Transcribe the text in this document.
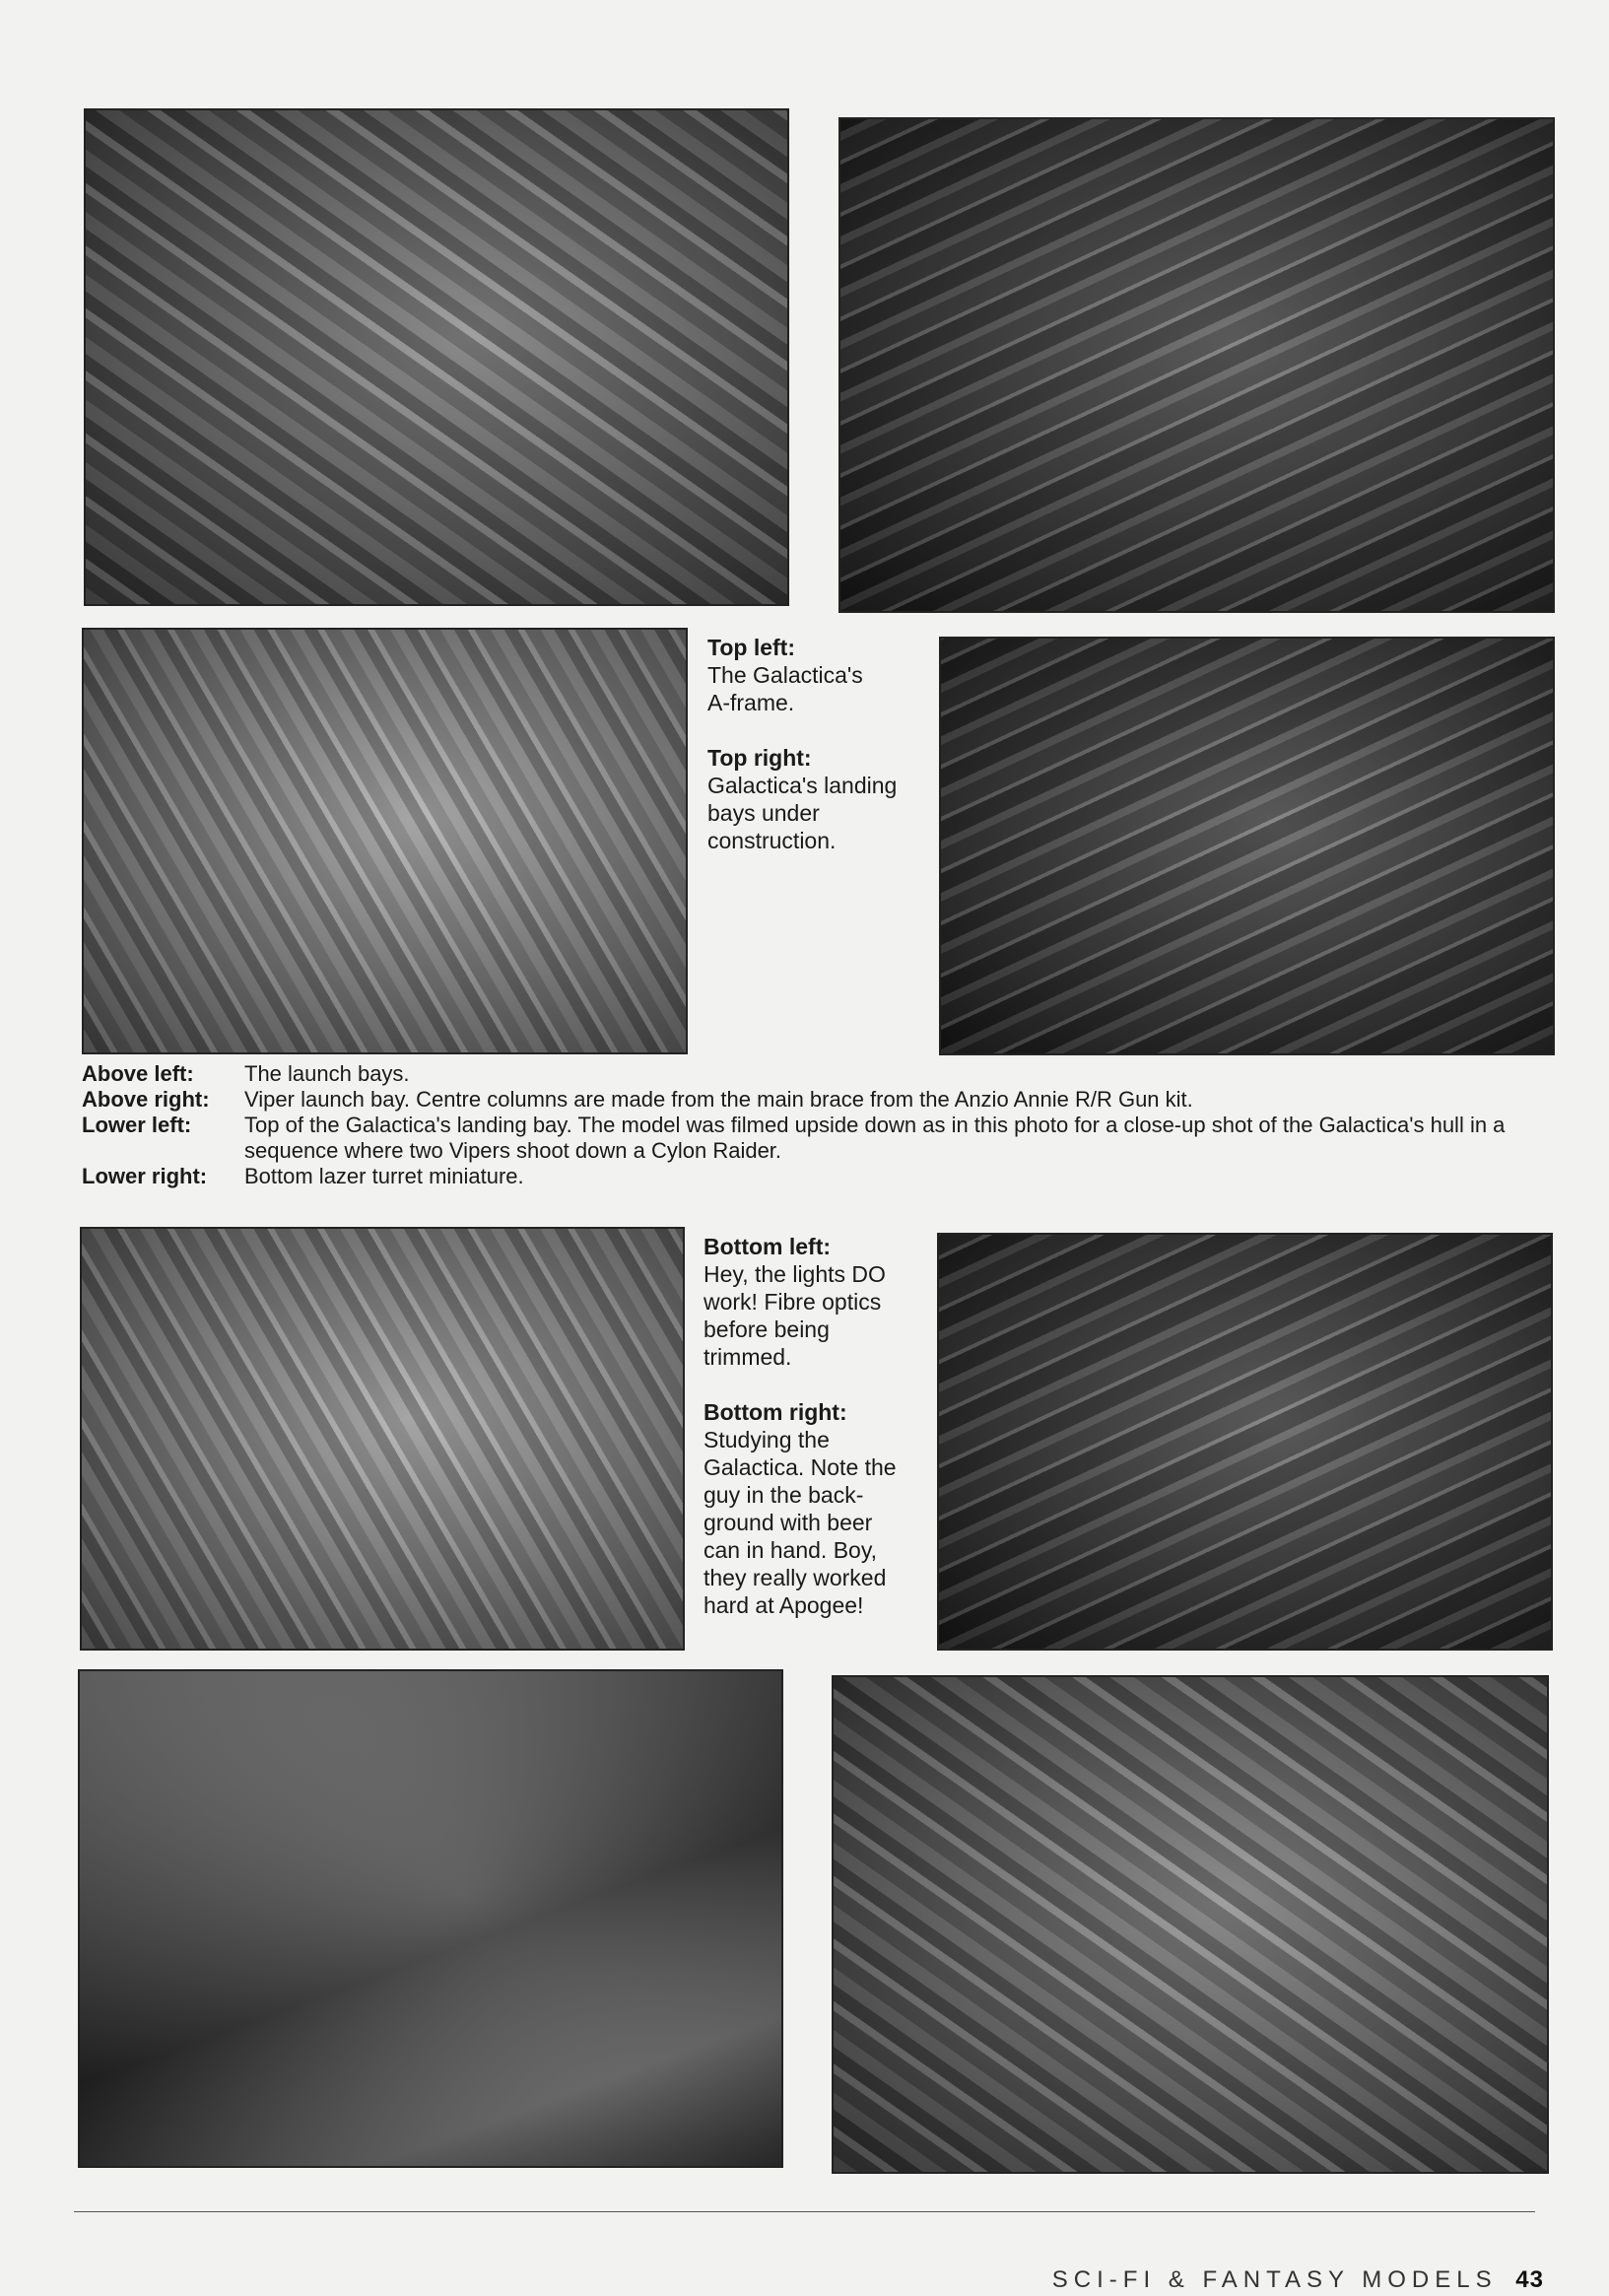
Top left:
The Galactica's
A-frame.
Top right:
Galactica's landing
bays under
construction.
Above left:	The launch bays.
Above right:	Viper launch bay. Centre columns are made from the main brace from the Anzio Annie R/R Gun kit.
Lower left:	Top of the Galactica's landing bay. The model was filmed upside down as in this photo for a close-up shot of the Galactica's hull in a sequence where two Vipers shoot down a Cylon Raider.
Lower right:	Bottom lazer turret miniature.
Bottom left:
Hey, the lights DO
work! Fibre optics
before being
trimmed.
Bottom right:
Studying the
Galactica. Note the
guy in the back-
ground with beer
can in hand. Boy,
they really worked
hard at Apogee!
SCI-FI & FANTASY MODELS 43
